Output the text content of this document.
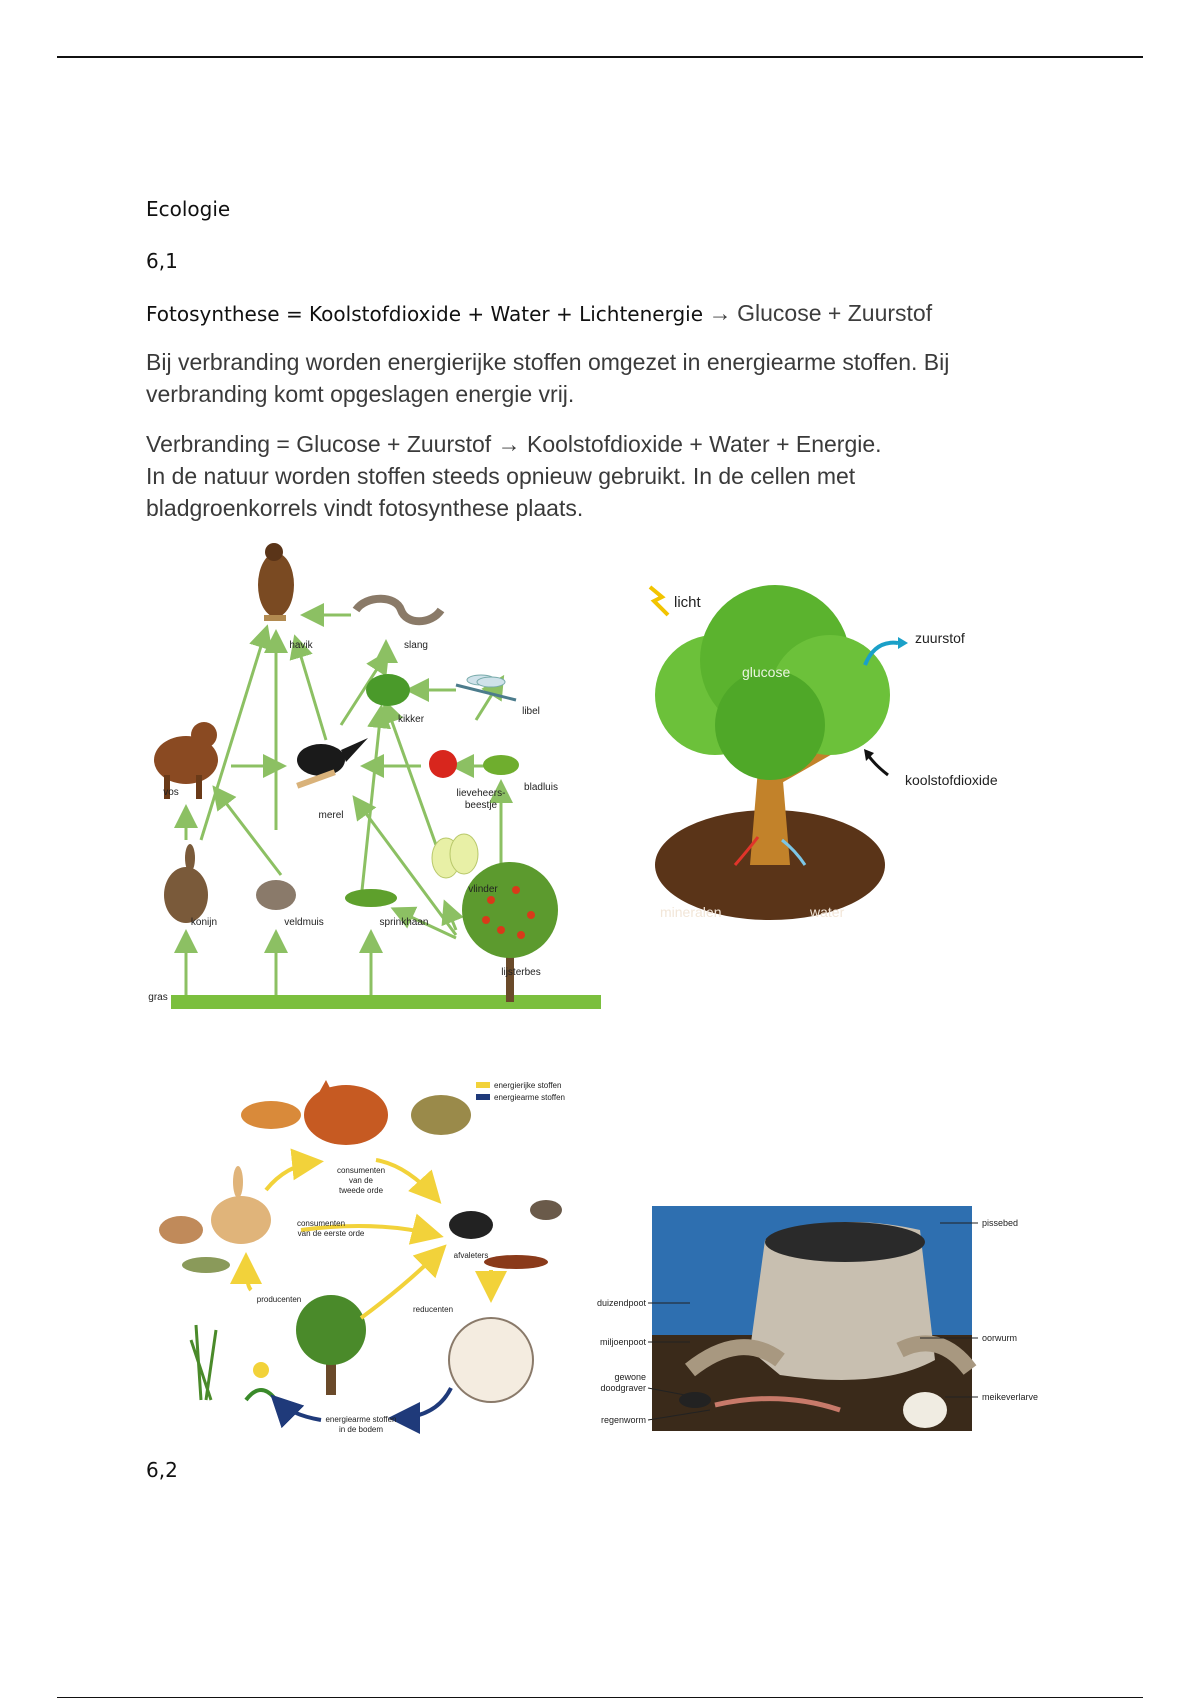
Ecologie
6,1
Fotosynthese = Koolstofdioxide + Water + Lichtenergie → Glucose + Zuurstof
Bij verbranding worden energierijke stoffen omgezet in energiearme stoffen. Bij
verbranding komt opgeslagen energie vrij.
Verbranding = Glucose + Zuurstof → Koolstofdioxide + Water + Energie.
In de natuur worden stoffen steeds opnieuw gebruikt. In de cellen met
bladgroenkorrels vindt fotosynthese plaats.
havik	slang
kikker
libel
vos
merel
lieveheers-
beestje
bladluis
vlinder
konijn	veldmuis	sprinkhaan
lijsterbes
gras
licht
zuurstof
glucose
koolstofdioxide
mineralen	water
energierijke stoffen
energiearme stoffen
consumenten
van de
tweede orde
consumenten
van de eerste orde
afvaleters
producenten
reducenten
energiearme stoffen
in de bodem
pissebed
oorwurm
meikeverlarve
duizendpoot
miljoenpoot
gewone
doodgraver
regenworm
6,2
